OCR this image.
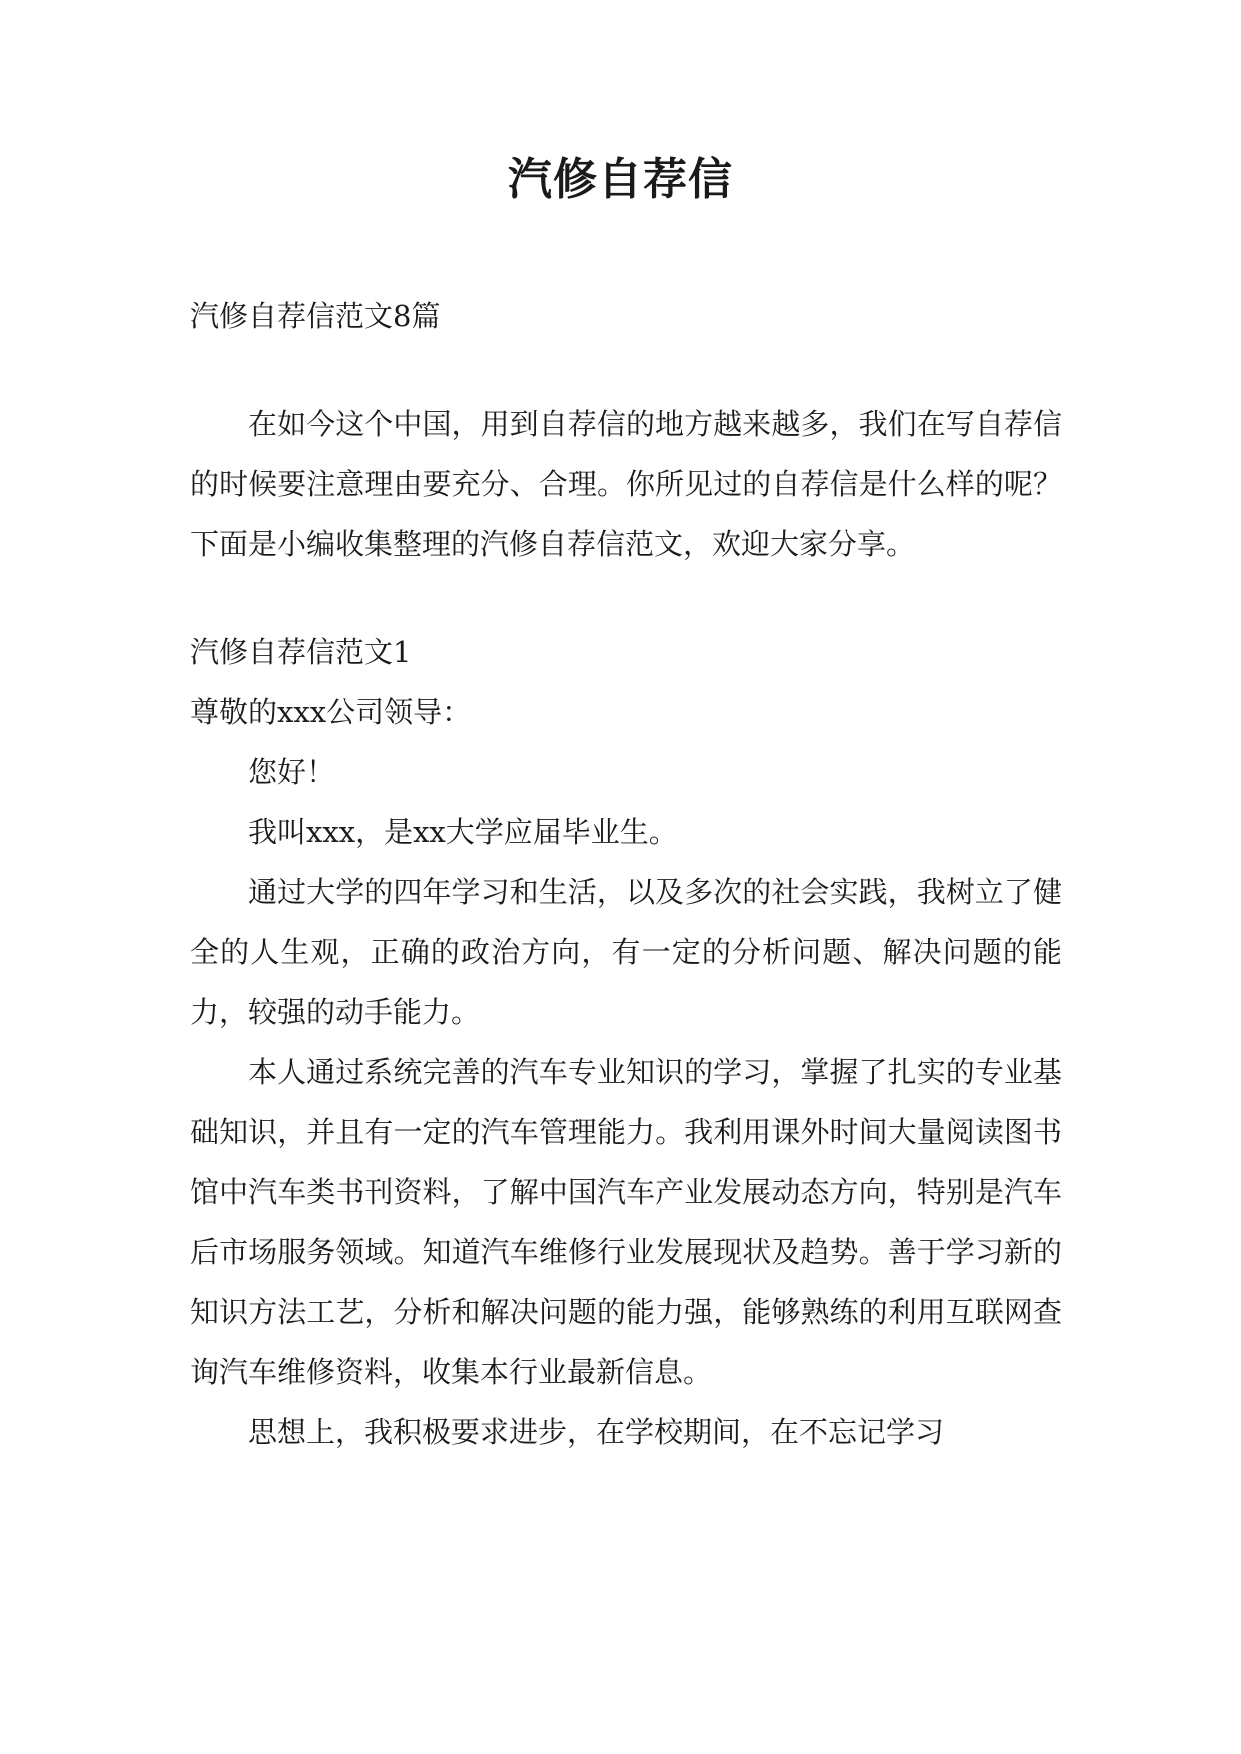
汽修自荐信

汽修自荐信范文8篇

在如今这个中国，用到自荐信的地方越来越多，我们在写自荐信的时候要注意理由要充分、合理。你所见过的自荐信是什么样的呢？下面是小编收集整理的汽修自荐信范文，欢迎大家分享。

汽修自荐信范文1

尊敬的xxx公司领导：

您好！

我叫xxx，是xx大学应届毕业生。

通过大学的四年学习和生活，以及多次的社会实践，我树立了健全的人生观，正确的政治方向，有一定的分析问题、解决问题的能力，较强的动手能力。

本人通过系统完善的汽车专业知识的学习，掌握了扎实的专业基础知识，并且有一定的汽车管理能力。我利用课外时间大量阅读图书馆中汽车类书刊资料，了解中国汽车产业发展动态方向，特别是汽车后市场服务领域。知道汽车维修行业发展现状及趋势。善于学习新的知识方法工艺，分析和解决问题的能力强，能够熟练的利用互联网查询汽车维修资料，收集本行业最新信息。

思想上，我积极要求进步，在学校期间，在不忘记学习
